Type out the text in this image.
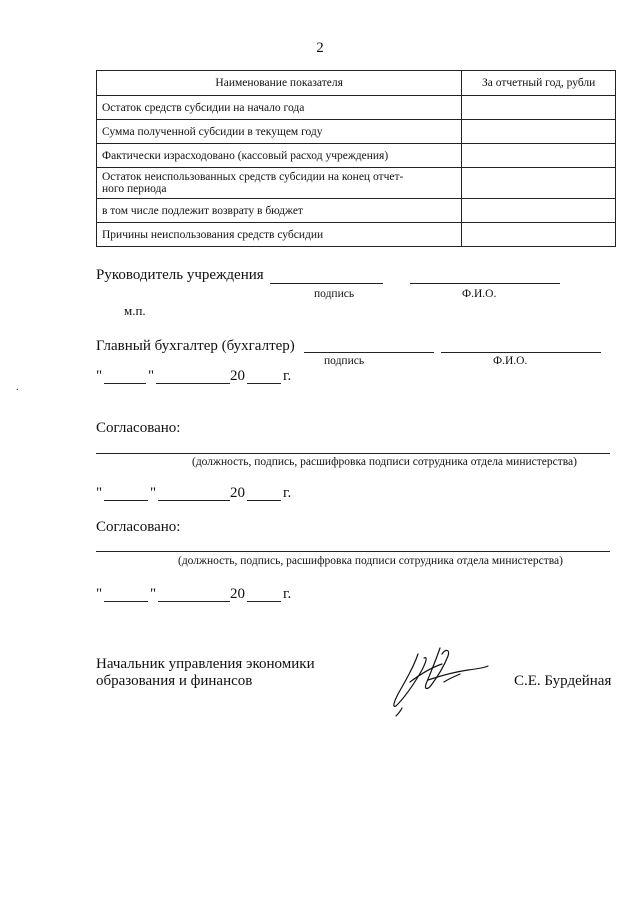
2
Наименование показателя	За отчетный год, рубли

Остаток средств субсидии на начало года	

Сумма полученной субсидии в текущем году	

Фактически израсходовано (кассовый расход учреждения)	

Остаток неиспользованных средств субсидии на конец отчет-
ного периода	

в том числе подлежит возврату в бюджет	

Причины неиспользования средств субсидии	

Руководитель учреждения
подпись	Ф.И.О.
м.п.
Главный бухгалтер (бухгалтер)
подпись	Ф.И.О.
.
"	"	20	г.
Согласовано:
(должность, подпись, расшифровка подписи сотрудника отдела министерства)
"	"	20	г.
Согласовано:
(должность, подпись, расшифровка подписи сотрудника отдела министерства)
"	"	20	г.
Начальник управления экономики
образования и финансов	С.Е. Бурдейная
